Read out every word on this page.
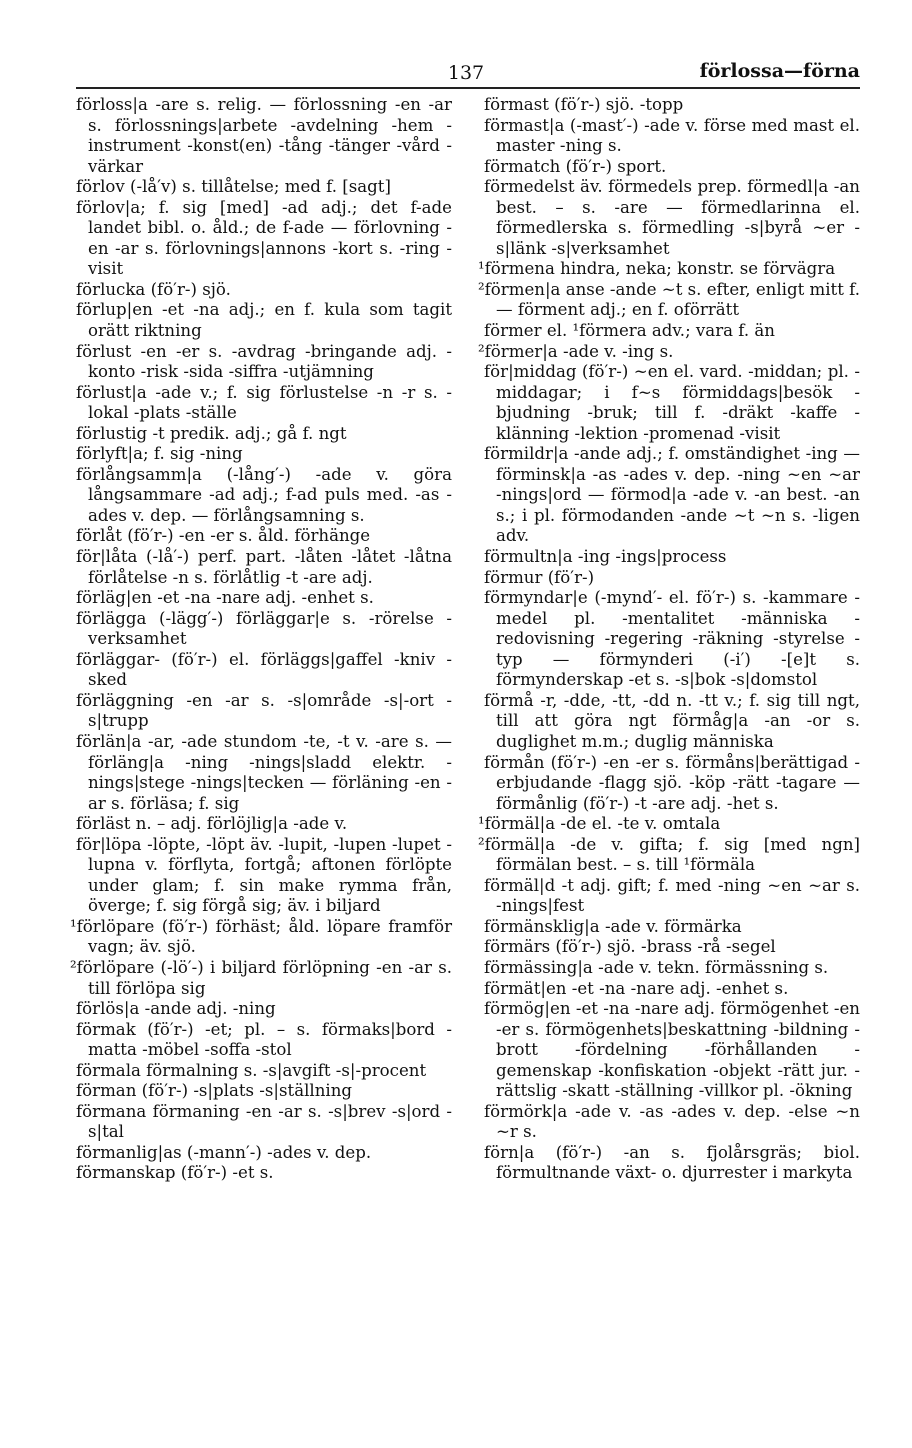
137	förlossa—förna

förloss|a -are s. relig. — förlossning -en -ar s. förlossnings|arbete -avdelning -hem -instrument -konst(en) -tång -tänger -vård -värkar

förlov (-lå′v) s. tillåtelse; med f. [sagt]

förlov|a; f. sig [med] -ad adj.; det f-ade landet bibl. o. åld.; de f-ade — förlovning -en -ar s. förlovnings|annons -kort s. -ring -visit

förlucka (fö′r-) sjö.

förlup|en -et -na adj.; en f. kula som tagit orätt riktning

förlust -en -er s. -avdrag -bringande adj. -konto -risk -sida -siffra -utjämning

förlust|a -ade v.; f. sig förlustelse -n -r s. -lokal -plats -ställe

förlustig -t predik. adj.; gå f. ngt

förlyft|a; f. sig -ning

förlångsamm|a (-lång′-) -ade v. göra långsammare -ad adj.; f-ad puls med. -as -ades v. dep. — förlångsamning s.

förlåt (fö′r-) -en -er s. åld. förhänge

för|låta (-lå′-) perf. part. -låten -låtet -låtna förlåtelse -n s. förlåtlig -t -are adj.

förläg|en -et -na -nare adj. -enhet s.

förlägga (-lägg′-) förläggar|e s. -rörelse -verksamhet

förläggar- (fö′r-) el. förläggs|gaffel -kniv -sked

förläggning -en -ar s. -s|område -s|-ort -s|trupp

förlän|a -ar, -ade stundom -te, -t v. -are s. — förläng|a -ning -nings|sladd elektr. -nings|stege -nings|tecken — förläning -en -ar s. förläsa; f. sig

förläst n. – adj. förlöjlig|a -ade v.

för|löpa -löpte, -löpt äv. -lupit, -lupen -lupet -lupna v. förflyta, fortgå; aftonen förlöpte under glam; f. sin make rymma från, överge; f. sig förgå sig; äv. i biljard

¹förlöpare (fö′r-) förhäst; åld. löpare framför vagn; äv. sjö.

²förlöpare (-lö′-) i biljard förlöpning -en -ar s. till förlöpa sig

förlös|a -ande adj. -ning

förmak (fö′r-) -et; pl. – s. förmaks|bord -matta -möbel -soffa -stol

förmala förmalning s. -s|avgift -s|-procent

förman (fö′r-) -s|plats -s|ställning

förmana förmaning -en -ar s. -s|brev -s|ord -s|tal

förmanlig|as (-mann′-) -ades v. dep.

förmanskap (fö′r-) -et s.

förmast (fö′r-) sjö. -topp

förmast|a (-mast′-) -ade v. förse med mast el. master -ning s.

förmatch (fö′r-) sport.

förmedelst äv. förmedels prep. förmedl|a -an best. – s. -are — förmedlarinna el. förmedlerska s. förmedling -s|byrå ~er -s|länk -s|verksamhet

¹förmena hindra, neka; konstr. se förvägra

²förmen|a anse -ande ~t s. efter, enligt mitt f. — förment adj.; en f. oförrätt

förmer el. ¹förmera adv.; vara f. än

²förmer|a -ade v. -ing s.

för|middag (fö′r-) ~en el. vard. -middan; pl. -middagar; i f~s förmiddags|besök -bjudning -bruk; till f. -dräkt -kaffe -klänning -lektion -promenad -visit

förmildr|a -ande adj.; f. omständighet -ing — förminsk|a -as -ades v. dep. -ning ~en ~ar -nings|ord — förmod|a -ade v. -an best. -an s.; i pl. förmodanden -ande ~t ~n s. -ligen adv.

förmultn|a -ing -ings|process

förmur (fö′r-)

förmyndar|e (-mynd′- el. fö′r-) s. -kammare -medel pl. -mentalitet -människa -redovisning -regering -räkning -styrelse -typ — förmynderi (-i′) -[e]t s. förmynderskap -et s. -s|bok -s|domstol

förmå -r, -dde, -tt, -dd n. -tt v.; f. sig till ngt, till att göra ngt förmåg|a -an -or s. duglighet m.m.; duglig människa

förmån (fö′r-) -en -er s. förmåns|berättigad -erbjudande -flagg sjö. -köp -rätt -tagare — förmånlig (fö′r-) -t -are adj. -het s.

¹förmäl|a -de el. -te v. omtala

²förmäl|a -de v. gifta; f. sig [med ngn] förmälan best. – s. till ¹förmäla

förmäl|d -t adj. gift; f. med -ning ~en ~ar s. -nings|fest

förmänsklig|a -ade v. förmärka

förmärs (fö′r-) sjö. -brass -rå -segel

förmässing|a -ade v. tekn. förmässning s.

förmät|en -et -na -nare adj. -enhet s.

förmög|en -et -na -nare adj. förmögenhet -en -er s. förmögenhets|beskattning -bildning -brott -fördelning -förhållanden -gemenskap -konfiskation -objekt -rätt jur. -rättslig -skatt -ställning -villkor pl. -ökning

förmörk|a -ade v. -as -ades v. dep. -else ~n ~r s.

förn|a (fö′r-) -an s. fjolårsgräs; biol. förmultnande växt- o. djurrester i markyta
